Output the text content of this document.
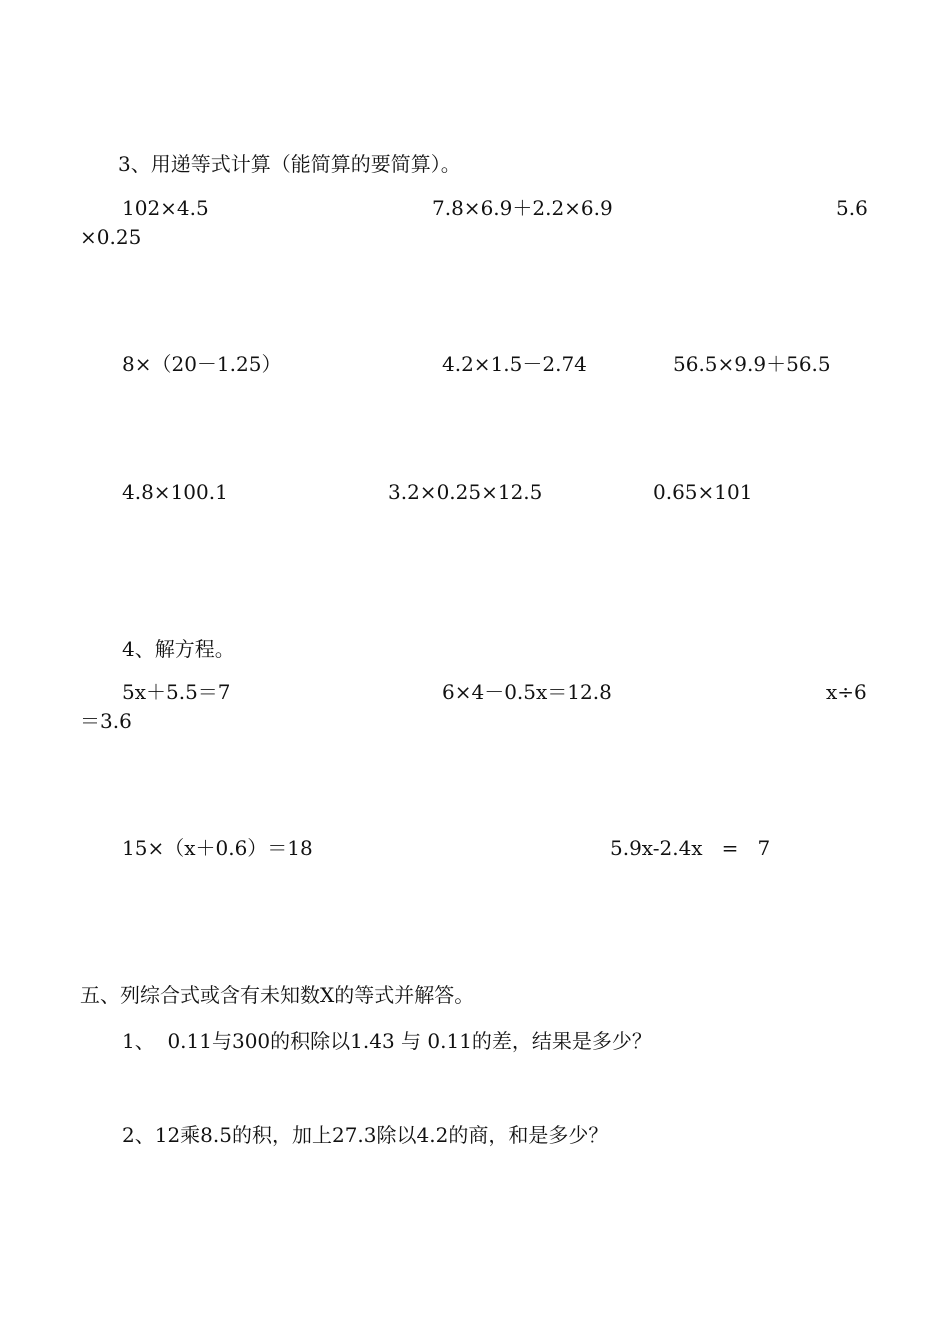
3、用递等式计算（能简算的要简算）。
102×4.5	7.8×6.9＋2.2×6.9	5.6
×0.25
8×（20－1.25）	4.2×1.5－2.74	56.5×9.9＋56.5
4.8×100.1	3.2×0.25×12.5	0.65×101
4、解方程。
5x＋5.5＝7	6×4－0.5x＝12.8	x÷6
＝3.6
15×（x＋0.6）＝18	5.9x-2.4x   =   7
五、列综合式或含有未知数X的等式并解答。
1、  0.11与300的积除以1.43 与 0.11的差，结果是多少？
2、12乘8.5的积，加上27.3除以4.2的商，和是多少？
